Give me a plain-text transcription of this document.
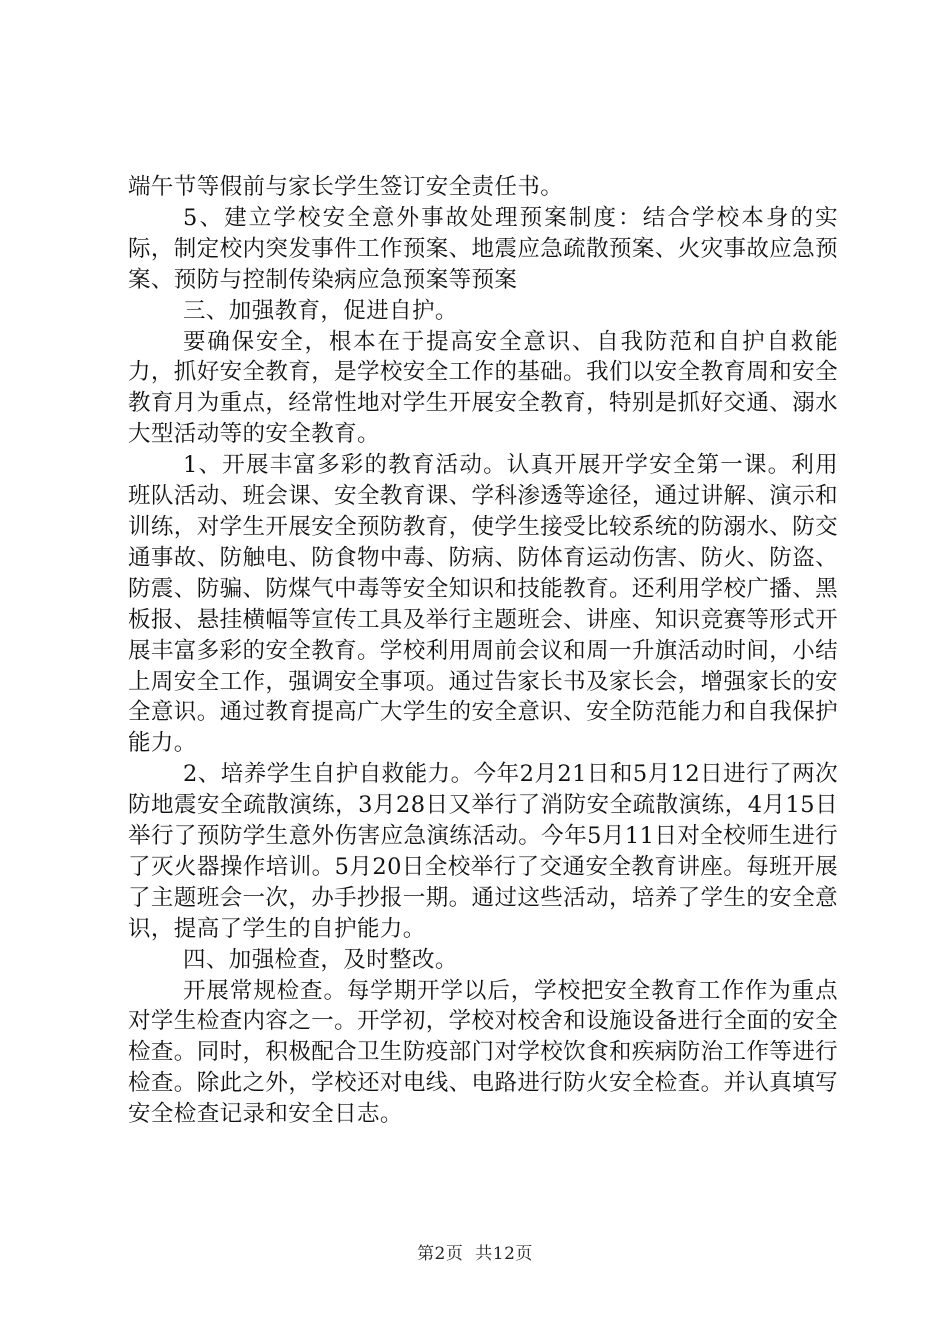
端午节等假前与家长学生签订安全责任书。

5、建立学校安全意外事故处理预案制度：结合学校本身的实际，制定校内突发事件工作预案、地震应急疏散预案、火灾事故应急预案、预防与控制传染病应急预案等预案

三、加强教育，促进自护。

要确保安全，根本在于提高安全意识、自我防范和自护自救能力，抓好安全教育，是学校安全工作的基础。我们以安全教育周和安全教育月为重点，经常性地对学生开展安全教育，特别是抓好交通、溺水大型活动等的安全教育。

1、开展丰富多彩的教育活动。认真开展开学安全第一课。利用班队活动、班会课、安全教育课、学科渗透等途径，通过讲解、演示和训练，对学生开展安全预防教育，使学生接受比较系统的防溺水、防交通事故、防触电、防食物中毒、防病、防体育运动伤害、防火、防盗、防震、防骗、防煤气中毒等安全知识和技能教育。还利用学校广播、黑板报、悬挂横幅等宣传工具及举行主题班会、讲座、知识竞赛等形式开展丰富多彩的安全教育。学校利用周前会议和周一升旗活动时间，小结上周安全工作，强调安全事项。通过告家长书及家长会，增强家长的安全意识。通过教育提高广大学生的安全意识、安全防范能力和自我保护能力。

2、培养学生自护自救能力。今年2月21日和5月12日进行了两次防地震安全疏散演练，3月28日又举行了消防安全疏散演练，4月15日举行了预防学生意外伤害应急演练活动。今年5月11日对全校师生进行了灭火器操作培训。5月20日全校举行了交通安全教育讲座。每班开展了主题班会一次，办手抄报一期。通过这些活动，培养了学生的安全意识，提高了学生的自护能力。

四、加强检查，及时整改。

开展常规检查。每学期开学以后，学校把安全教育工作作为重点对学生检查内容之一。开学初，学校对校舍和设施设备进行全面的安全检查。同时，积极配合卫生防疫部门对学校饮食和疾病防治工作等进行检查。除此之外，学校还对电线、电路进行防火安全检查。并认真填写安全检查记录和安全日志。

第2页 共12页
